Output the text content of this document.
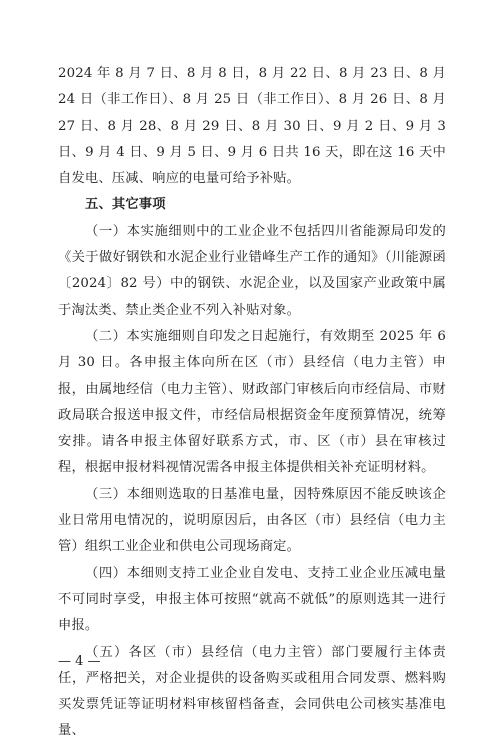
2024 年 8 月 7 日、8 月 8 日，8 月 22 日、8 月 23 日、8 月 24 日（非工作日）、8 月 25 日（非工作日）、8 月 26 日、8 月 27 日、8 月 28、8 月 29 日、8 月 30 日、9 月 2 日、9 月 3 日、9 月 4 日、9 月 5 日、9 月 6 日共 16 天，即在这 16 天中自发电、压减、响应的电量可给予补贴。

五、其它事项

（一）本实施细则中的工业企业不包括四川省能源局印发的《关于做好钢铁和水泥企业行业错峰生产工作的通知》（川能源函〔2024〕82 号）中的钢铁、水泥企业，以及国家产业政策中属于淘汰类、禁止类企业不列入补贴对象。

（二）本实施细则自印发之日起施行，有效期至 2025 年 6 月 30 日。各申报主体向所在区（市）县经信（电力主管）申报，由属地经信（电力主管）、财政部门审核后向市经信局、市财政局联合报送申报文件，市经信局根据资金年度预算情况，统筹安排。请各申报主体留好联系方式，市、区（市）县在审核过程，根据申报材料视情况需各申报主体提供相关补充证明材料。

（三）本细则选取的日基准电量，因特殊原因不能反映该企业日常用电情况的，说明原因后，由各区（市）县经信（电力主管）组织工业企业和供电公司现场商定。

（四）本细则支持工业企业自发电、支持工业企业压减电量不可同时享受，申报主体可按照“就高不就低”的原则选其一进行申报。

（五）各区（市）县经信（电力主管）部门要履行主体责任，严格把关，对企业提供的设备购买或租用合同发票、燃料购买发票凭证等证明材料审核留档备查，会同供电公司核实基准电量、

— 4 —
